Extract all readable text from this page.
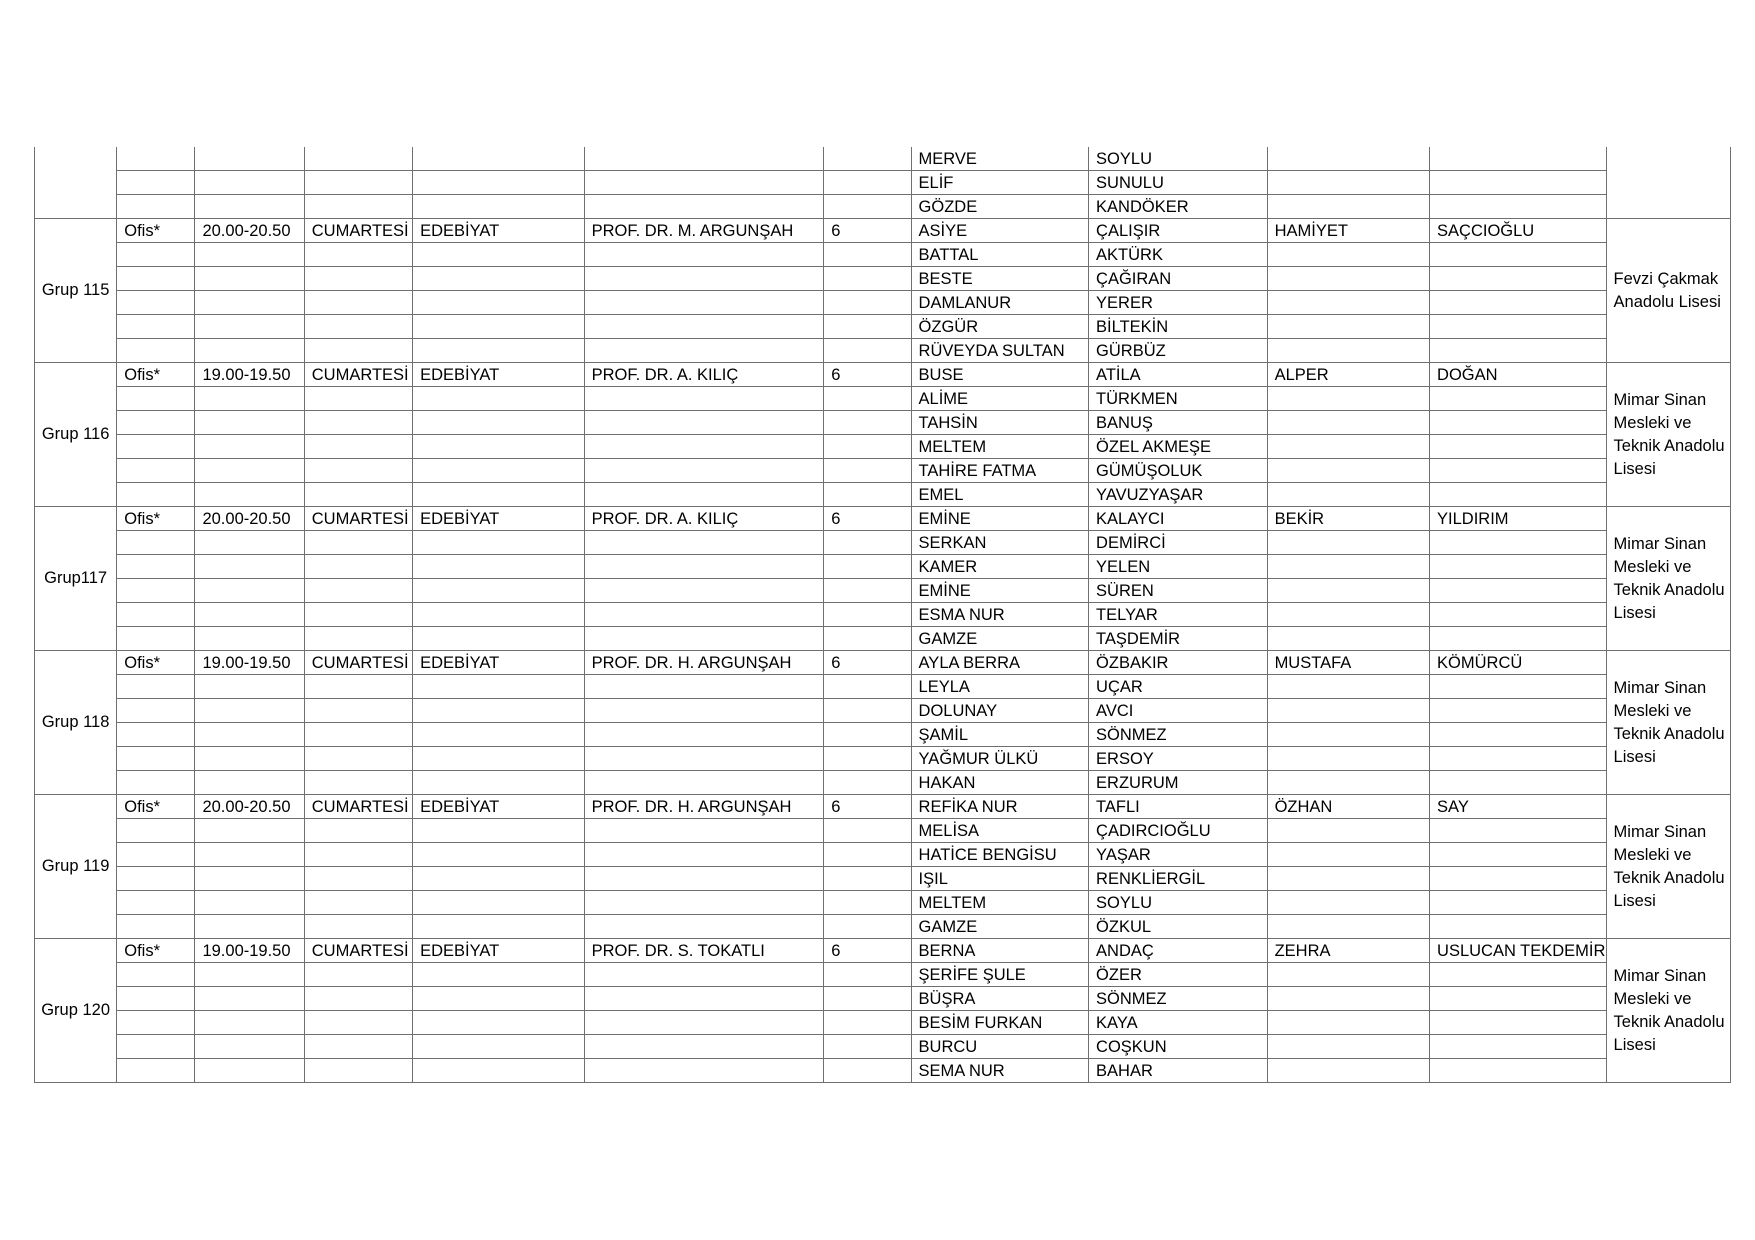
							MERVE	SOYLU			
							ELİF	SUNULU			
							GÖZDE	KANDÖKER			
Grup 115	Ofis*	20.00-20.50	CUMARTESİ	EDEBİYAT	PROF. DR. M. ARGUNŞAH	6	ASİYE	ÇALIŞIR	HAMİYET	SAÇCIOĞLU	Fevzi Çakmak Anadolu Lisesi
							BATTAL	AKTÜRK			
							BESTE	ÇAĞIRAN			
							DAMLANUR	YERER			
							ÖZGÜR	BİLTEKİN			
							RÜVEYDA SULTAN	GÜRBÜZ			
Grup 116	Ofis*	19.00-19.50	CUMARTESİ	EDEBİYAT	PROF. DR. A. KILIÇ	6	BUSE	ATİLA	ALPER	DOĞAN	Mimar Sinan Mesleki ve Teknik Anadolu Lisesi
							ALİME	TÜRKMEN			
							TAHSİN	BANUŞ			
							MELTEM	ÖZEL AKMEŞE			
							TAHİRE FATMA	GÜMÜŞOLUK			
							EMEL	YAVUZYAŞAR			
Grup117	Ofis*	20.00-20.50	CUMARTESİ	EDEBİYAT	PROF. DR. A. KILIÇ	6	EMİNE	KALAYCI	BEKİR	YILDIRIM	Mimar Sinan Mesleki ve Teknik Anadolu Lisesi
							SERKAN	DEMİRCİ			
							KAMER	YELEN			
							EMİNE	SÜREN			
							ESMA NUR	TELYAR			
							GAMZE	TAŞDEMİR			
Grup 118	Ofis*	19.00-19.50	CUMARTESİ	EDEBİYAT	PROF. DR. H. ARGUNŞAH	6	AYLA BERRA	ÖZBAKIR	MUSTAFA	KÖMÜRCÜ	Mimar Sinan Mesleki ve Teknik Anadolu Lisesi
							LEYLA	UÇAR			
							DOLUNAY	AVCI			
							ŞAMİL	SÖNMEZ			
							YAĞMUR ÜLKÜ	ERSOY			
							HAKAN	ERZURUM			
Grup 119	Ofis*	20.00-20.50	CUMARTESİ	EDEBİYAT	PROF. DR. H. ARGUNŞAH	6	REFİKA NUR	TAFLI	ÖZHAN	SAY	Mimar Sinan Mesleki ve Teknik Anadolu Lisesi
							MELİSA	ÇADIRCIOĞLU			
							HATİCE BENGİSU	YAŞAR			
							IŞIL	RENKLİERGİL			
							MELTEM	SOYLU			
							GAMZE	ÖZKUL			
Grup 120	Ofis*	19.00-19.50	CUMARTESİ	EDEBİYAT	PROF. DR. S. TOKATLI	6	BERNA	ANDAÇ	ZEHRA	USLUCAN TEKDEMİR	Mimar Sinan Mesleki ve Teknik Anadolu Lisesi
							ŞERİFE ŞULE	ÖZER			
							BÜŞRA	SÖNMEZ			
							BESİM FURKAN	KAYA			
							BURCU	COŞKUN			
							SEMA NUR	BAHAR			
